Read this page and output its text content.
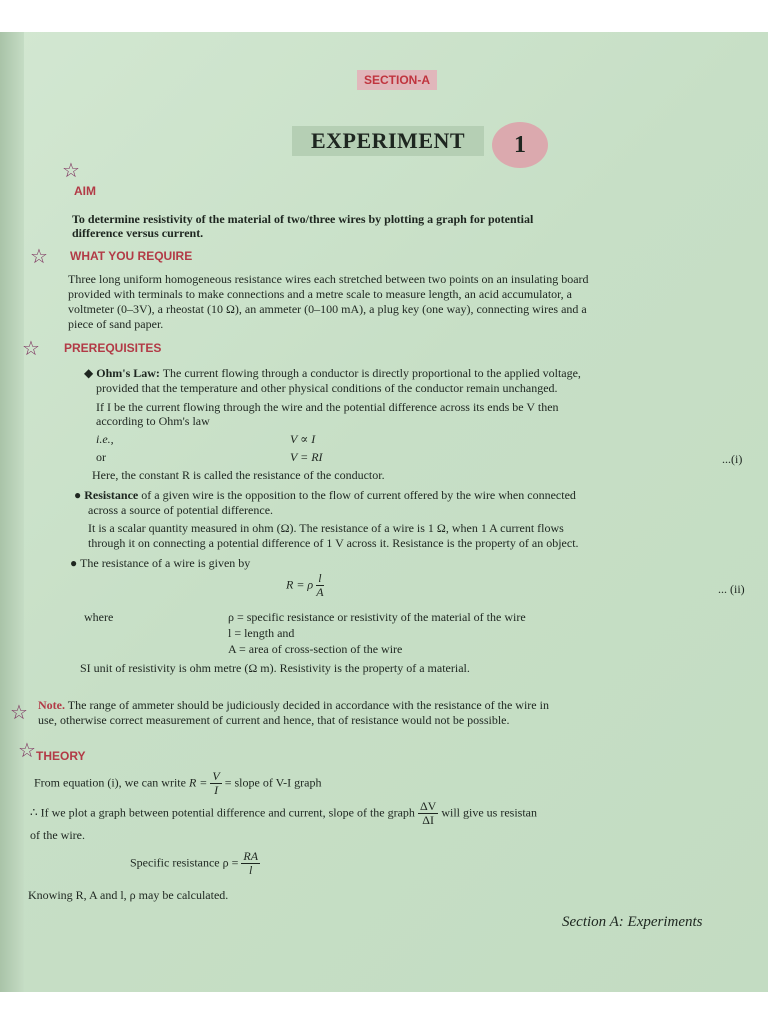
SECTION-A
EXPERIMENT	1
☆
AIM
To determine resistivity of the material of two/three wires by plotting a graph for potential
difference versus current.
☆ WHAT YOU REQUIRE
Three long uniform homogeneous resistance wires each stretched between two points on an insulating board
provided with terminals to make connections and a metre scale to measure length, an acid accumulator, a
voltmeter (0–3V), a rheostat (10 Ω), an ammeter (0–100 mA), a plug key (one way), connecting wires and a
piece of sand paper.
☆ PREREQUISITES
◆ Ohm's Law: The current flowing through a conductor is directly proportional to the applied voltage,
provided that the temperature and other physical conditions of the conductor remain unchanged.
If I be the current flowing through the wire and the potential difference across its ends be V then
according to Ohm's law
i.e.,	V ∝ I
or	V = RI	...(i)
Here, the constant R is called the resistance of the conductor.
● Resistance of a given wire is the opposition to the flow of current offered by the wire when connected
across a source of potential difference.
It is a scalar quantity measured in ohm (Ω). The resistance of a wire is 1 Ω, when 1 A current flows
through it on connecting a potential difference of 1 V across it. Resistance is the property of an object.
● The resistance of a wire is given by
R = ρ $\frac{l}{A}$	... (ii)
where	ρ = specific resistance or resistivity of the material of the wire
l = length and
A = area of cross-section of the wire
SI unit of resistivity is ohm metre (Ω m). Resistivity is the property of a material.
☆ Note. The range of ammeter should be judiciously decided in accordance with the resistance of the wire in
use, otherwise correct measurement of current and hence, that of resistance would not be possible.
☆ THEORY
From equation (i), we can write $R = \frac{V}{I}$ = slope of V-I graph
∴ If we plot a graph between potential difference and current, slope of the graph $\frac{\Delta V}{\Delta I}$ will give us resistan
of the wire.
Specific resistance $\rho = \frac{RA}{l}$
Knowing R, A and l, ρ may be calculated.
Section A: Experiments
